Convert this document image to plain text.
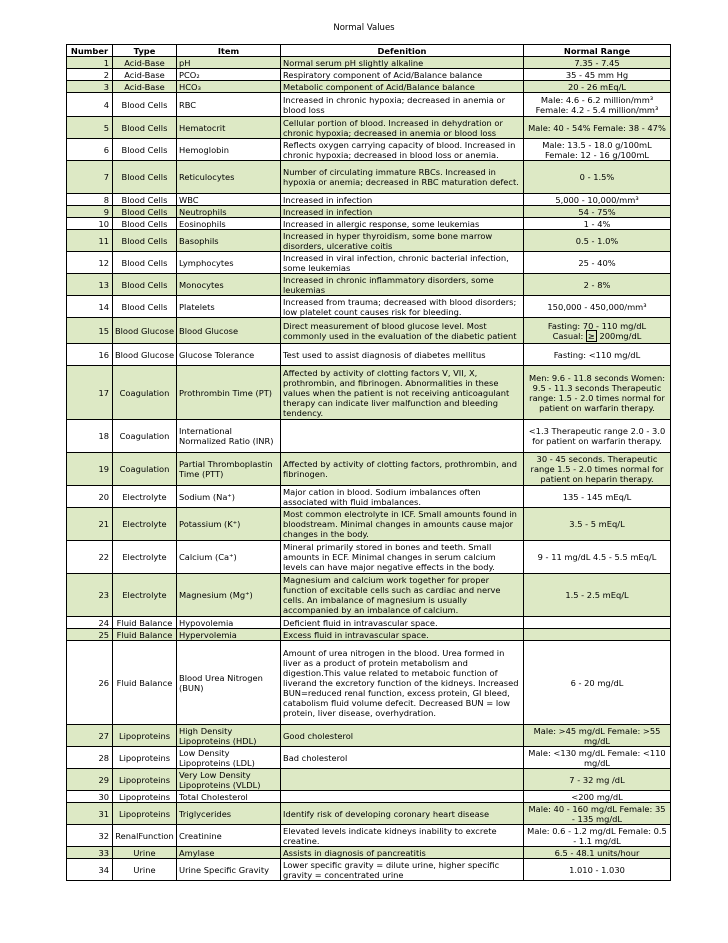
Normal Values
Number	Type	Item	Defenition	Normal Range
1	Acid-Base	pH	Normal serum pH slightly alkaline	7.35 - 7.45
2	Acid-Base	PCO₂	Respiratory component of Acid/Balance balance	35 - 45 mm Hg
3	Acid-Base	HCO₃	Metabolic component of Acid/Balance balance	20 - 26 mEq/L
4	Blood Cells	RBC	Increased in chronic hypoxia; decreased in anemia or blood loss	Male: 4.6 - 6.2 million/mm³ Female: 4.2 - 5.4 million/mm³
5	Blood Cells	Hematocrit	Cellular portion of blood. Increased in dehydration or chronic hypoxia; decreased in anemia or blood loss	Male: 40 - 54% Female: 38 - 47%
6	Blood Cells	Hemoglobin	Reflects oxygen carrying capacity of blood. Increased in chronic hypoxia; decreased in blood loss or anemia.	Male: 13.5 - 18.0 g/100mL Female: 12 - 16 g/100mL
7	Blood Cells	Reticulocytes	Number of circulating immature RBCs. Increased in hypoxia or anemia; decreased in RBC maturation defect.	0 - 1.5%
8	Blood Cells	WBC	Increased in infection	5,000 - 10,000/mm³
9	Blood Cells	Neutrophils	Increased in infection	54 - 75%
10	Blood Cells	Eosinophils	Increased in allergic response, some leukemias	1 - 4%
11	Blood Cells	Basophils	Increased in hyper thyroidism, some bone marrow disorders, ulcerative coitis	0.5 - 1.0%
12	Blood Cells	Lymphocytes	Increased in viral infection, chronic bacterial infection, some leukemias	25 - 40%
13	Blood Cells	Monocytes	Increased in chronic inflammatory disorders, some leukemias	2 - 8%
14	Blood Cells	Platelets	Increased from trauma; decreased with blood disorders; low platelet count causes risk for bleeding.	150,000 - 450,000/mm³
15	Blood Glucose	Blood Glucose	Direct measurement of blood glucose level. Most commonly used in the evaluation of the diabetic patient	Fasting: 70 - 110 mg/dL
Casual: ≥ 200mg/dL

16	Blood Glucose	Glucose Tolerance	Test used to assist diagnosis of diabetes mellitus	Fasting: <110 mg/dL
17	Coagulation	Prothrombin Time (PT)	Affected by activity of clotting factors V, VII, X, prothrombin, and fibrinogen. Abnormalities in these values when the patient is not receiving anticoagulant therapy can indicate liver malfunction and bleeding tendency.	Men: 9.6 - 11.8 seconds Women: 9.5 - 11.3 seconds Therapeutic range: 1.5 - 2.0 times normal for patient on warfarin therapy.
18	Coagulation	International Normalized Ratio (INR)		<1.3 Therapeutic range 2.0 - 3.0 for patient on warfarin therapy.
19	Coagulation	Partial Thromboplastin Time (PTT)	Affected by activity of clotting factors, prothrombin, and fibrinogen.	30 - 45 seconds. Therapeutic range 1.5 - 2.0 times normal for patient on heparin therapy.
20	Electrolyte	Sodium (Na⁺)	Major cation in blood. Sodium imbalances often associated with fluid imbalances.	135 - 145 mEq/L
21	Electrolyte	Potassium (K⁺)	Most common electrolyte in ICF. Small amounts found in bloodstream. Minimal changes in amounts cause major changes in the body.	3.5 - 5 mEq/L
22	Electrolyte	Calcium (Ca⁺)	Mineral primarily stored in bones and teeth. Small amounts in ECF. Minimal changes in serum calcium levels can have major negative effects in the body.	9 - 11 mg/dL 4.5 - 5.5 mEq/L
23	Electrolyte	Magnesium (Mg⁺)	Magnesium and calcium work together for proper function of excitable cells such as cardiac and nerve cells. An imbalance of magnesium is usually accompanied by an imbalance of calcium.	1.5 - 2.5 mEq/L
24	Fluid Balance	Hypovolemia	Deficient fluid in intravascular space.	
25	Fluid Balance	Hypervolemia	Excess fluid in intravascular space.	
26	Fluid Balance	Blood Urea Nitrogen (BUN)	Amount of urea nitrogen in the blood. Urea formed in liver as a product of protein metabolism and digestion.This value related to metaboic function of liverand the excretory function of the kidneys. Increased BUN=reduced renal function, excess protein, GI bleed, catabolism fluid volume defecit. Decreased BUN = low protein, liver disease, overhydration.	6 - 20 mg/dL
27	Lipoproteins	High Density Lipoproteins (HDL)	Good cholesterol	Male: >45 mg/dL Female: >55 mg/dL
28	Lipoproteins	Low Density Lipoproteins (LDL)	Bad cholesterol	Male: <130 mg/dL Female: <110 mg/dL
29	Lipoproteins	Very Low Density Lipoproteins (VLDL)		7 - 32 mg /dL
30	Lipoproteins	Total Cholesterol		<200 mg/dL
31	Lipoproteins	Triglycerides	Identify risk of developing coronary heart disease	Male: 40 - 160 mg/dL Female: 35 - 135 mg/dL
32	RenalFunction	Creatinine	Elevated levels indicate kidneys inability to excrete creatine.	Male: 0.6 - 1.2 mg/dL Female: 0.5 - 1.1 mg/dL
33	Urine	Amylase	Assists in diagnosis of pancreatitis	6.5 - 48.1 units/hour
34	Urine	Urine Specific Gravity	Lower specific gravity = dilute urine, higher specific gravity = concentrated urine	1.010 - 1.030
